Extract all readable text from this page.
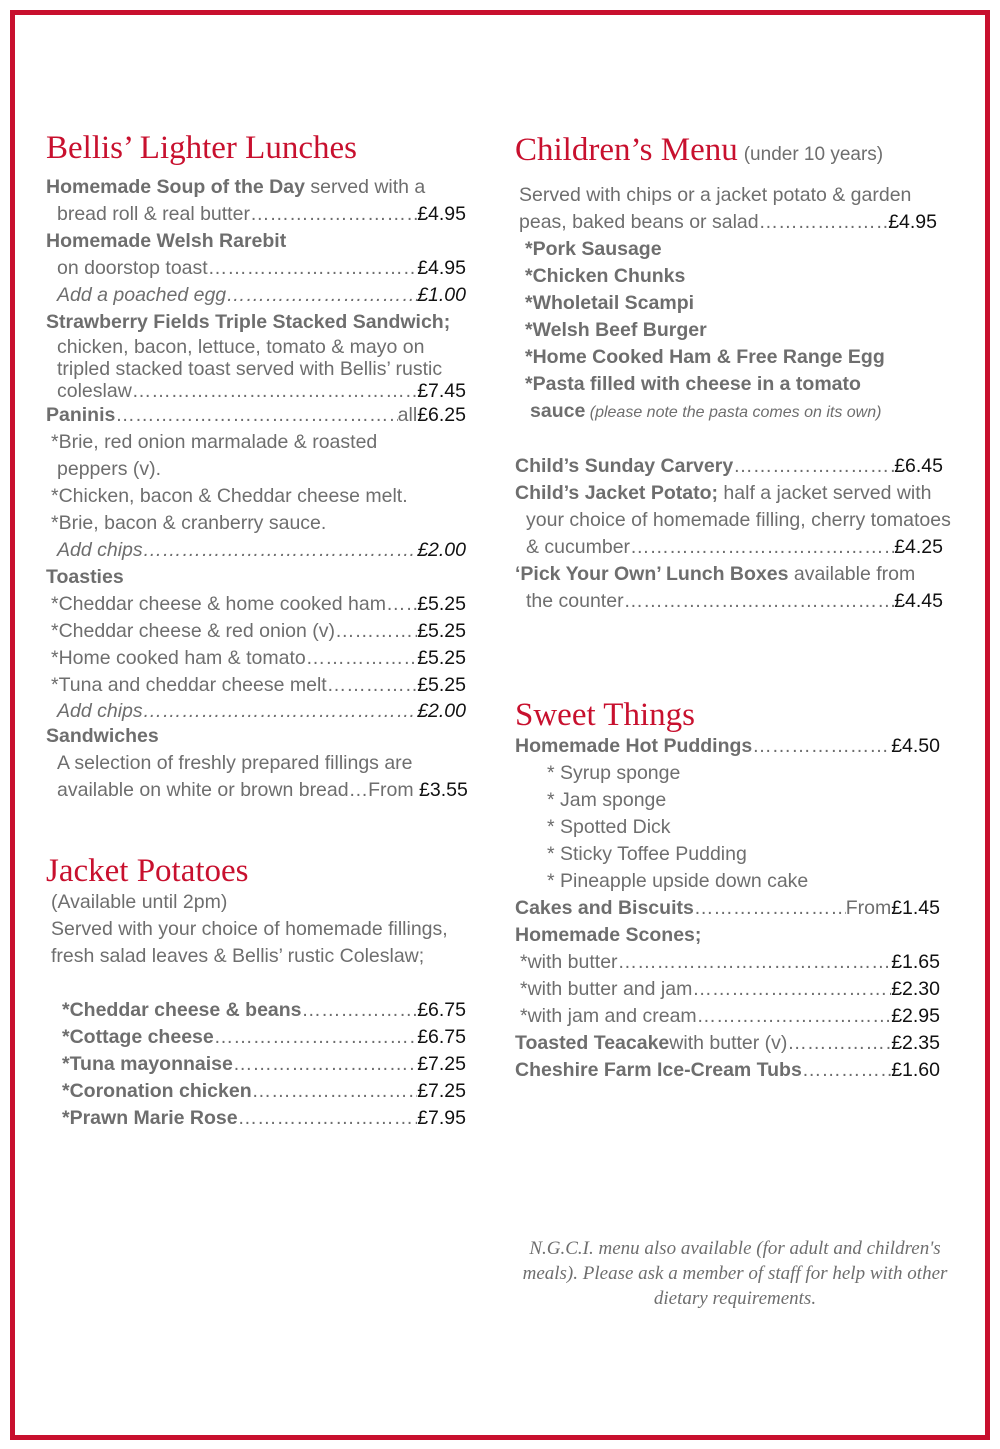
Bellis’ Lighter Lunches
Homemade Soup of the Day served with a
bread roll & real butter ……………………………………………………………………………………………………………	£4.95
Homemade Welsh Rarebit
on doorstop toast ……………………………………………………………………………………………………………	£4.95
Add a poached egg ……………………………………………………………………………………………………………	£1.00
Strawberry Fields Triple Stacked Sandwich;
chicken, bacon, lettuce, tomato & mayo on
tripled stacked toast served with Bellis’ rustic
coleslaw ……………………………………………………………………………………………………………	£7.45
Paninis ……………………………………………………………………………………………………………	all £6.25
*Brie, red onion marmalade & roasted
peppers (v).
*Chicken, bacon & Cheddar cheese melt.
*Brie, bacon & cranberry sauce.
Add chips ……………………………………………………………………………………………………………	£2.00
Toasties
*Cheddar cheese & home cooked ham …………………………………………………………………………………………………………… £5.25
*Cheddar cheese & red onion (v) ……………………………………………………………………………………………………………	£5.25
*Home cooked ham & tomato ……………………………………………………………………………………………………………	£5.25
*Tuna and cheddar cheese melt ……………………………………………………………………………………………………………	£5.25
Add chips ……………………………………………………………………………………………………………	£2.00
Sandwiches
A selection of freshly prepared fillings are
available on white or brown bread…From £3.55
Jacket Potatoes
(Available until 2pm)
Served with your choice of homemade fillings,
fresh salad leaves & Bellis’ rustic Coleslaw;
*Cheddar cheese & beans ……………………………………………………………………………………………………………	£6.75
*Cottage cheese ……………………………………………………………………………………………………………	£6.75
*Tuna mayonnaise ……………………………………………………………………………………………………………	£7.25
*Coronation chicken ……………………………………………………………………………………………………………	£7.25
*Prawn Marie Rose ……………………………………………………………………………………………………………	£7.95
Children’s Menu (under 10 years)
Served with chips or a jacket potato & garden
peas, baked beans or salad ……………………………………………………………………………………………………………	£4.95
*Pork Sausage
*Chicken Chunks
*Wholetail Scampi
*Welsh Beef Burger
*Home Cooked Ham & Free Range Egg
*Pasta filled with cheese in a tomato
sauce (please note the pasta comes on its own)
Child’s Sunday Carvery ……………………………………………………………………………………………………………	£6.45
Child’s Jacket Potato; half a jacket served with
your choice of homemade filling, cherry tomatoes
& cucumber ……………………………………………………………………………………………………………	£4.25
‘Pick Your Own’ Lunch Boxes available from
the counter ……………………………………………………………………………………………………………	£4.45
Sweet Things
Homemade Hot Puddings ……………………………………………………………………………………………………………	£4.50
* Syrup sponge
* Jam sponge
* Spotted Dick
* Sticky Toffee Pudding
* Pineapple upside down cake
Cakes and Biscuits ……………………………………………………………………………………………………………	From £1.45
Homemade Scones;
*with butter ……………………………………………………………………………………………………………	£1.65
*with butter and jam ……………………………………………………………………………………………………………	£2.30
*with jam and cream ……………………………………………………………………………………………………………	£2.95
Toasted Teacake with butter (v) ……………………………………………………………………………………………………………	£2.35
Cheshire Farm Ice-Cream Tubs ……………………………………………………………………………………………………………	£1.60
N.G.C.I. menu also available (for adult and children's meals). Please ask a member of staff for help with other dietary requirements.
